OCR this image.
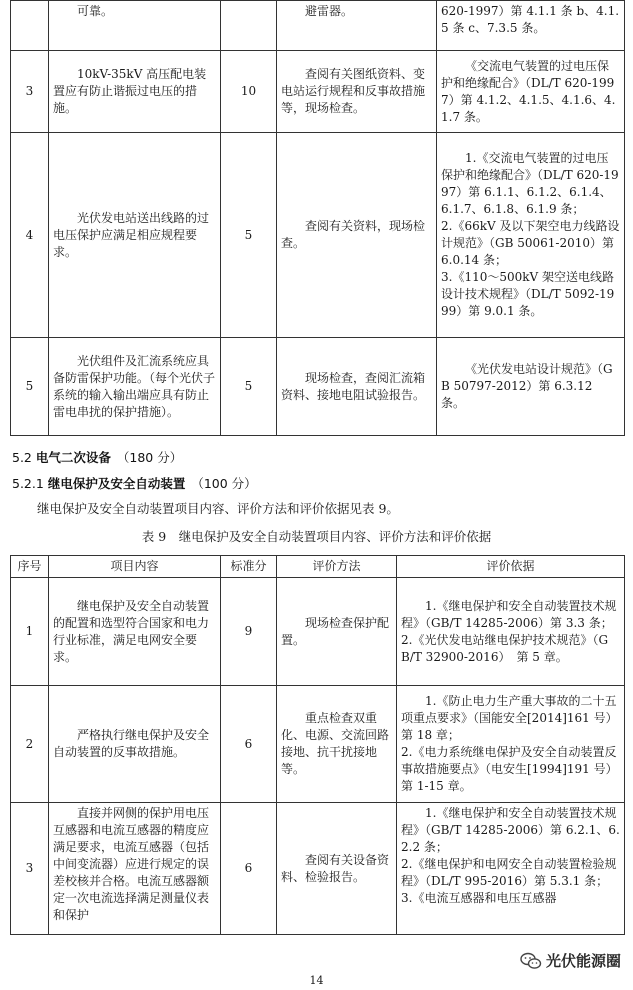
	可靠。		避雷器。	620-1997）第 4.1.1 条 b、4.1.5 条 c、7.3.5 条。
3	10kV-35kV 高压配电装置应有防止谐振过电压的措施。	10	查阅有关图纸资料、变电站运行规程和反事故措施等，现场检查。	《交流电气装置的过电压保护和绝缘配合》（DL/T 620-1997）第 4.1.2、4.1.5、4.1.6、4.1.7 条。
4	光伏发电站送出线路的过电压保护应满足相应规程要求。	5	查阅有关资料，现场检查。	1.《交流电气装置的过电压保护和绝缘配合》（DL/T 620-1997）第 6.1.1、6.1.2、6.1.4、6.1.7、6.1.8、6.1.9 条；
2.《66kV 及以下架空电力线路设计规范》（GB 50061-2010）第 6.0.14 条；
3.《110～500kV 架空送电线路设计技术规程》（DL/T 5092-1999）第 9.0.1 条。

5	光伏组件及汇流系统应具备防雷保护功能。（每个光伏子系统的输入输出端应具有防止雷电串扰的保护措施）。	5	现场检查，查阅汇流箱资料、接地电阻试验报告。	《光伏发电站设计规范》（GB 50797-2012）第 6.3.12 条。
5.2 电气二次设备 （180 分）
5.2.1 继电保护及安全自动装置 （100 分）
继电保护及安全自动装置项目内容、评价方法和评价依据见表 9。
表 9　继电保护及安全自动装置项目内容、评价方法和评价依据
序号	项目内容	标准分	评价方法	评价依据
1	继电保护及安全自动装置的配置和选型符合国家和电力行业标准，满足电网安全要求。	9	现场检查保护配置。	1.《继电保护和安全自动装置技术规程》（GB/T 14285-2006）第 3.3 条；
2.《光伏发电站继电保护技术规范》（GB/T 32900-2016）　第 5 章。

2	严格执行继电保护及安全自动装置的反事故措施。	6	重点检查双重化、电源、交流回路接地、抗干扰接地等。	1.《防止电力生产重大事故的二十五项重点要求》（国能安全[2014]161 号）第 18 章；
2.《电力系统继电保护及安全自动装置反事故措施要点》（电安生[1994]191 号）第 1-15 章。

3	直接并网侧的保护用电压互感器和电流互感器的精度应满足要求，电流互感器（包括中间变流器）应进行规定的误差校核并合格。电流互感器额定一次电流选择满足测量仪表和保护	6	查阅有关设备资料、检验报告。	1.《继电保护和安全自动装置技术规程》（GB/T 14285-2006）第 6.2.1、6.2.2 条；
2.《继电保护和电网安全自动装置检验规程》（DL/T 995-2016）第 5.3.1 条；
3.《电流互感器和电压互感器
光伏能源圈
14
